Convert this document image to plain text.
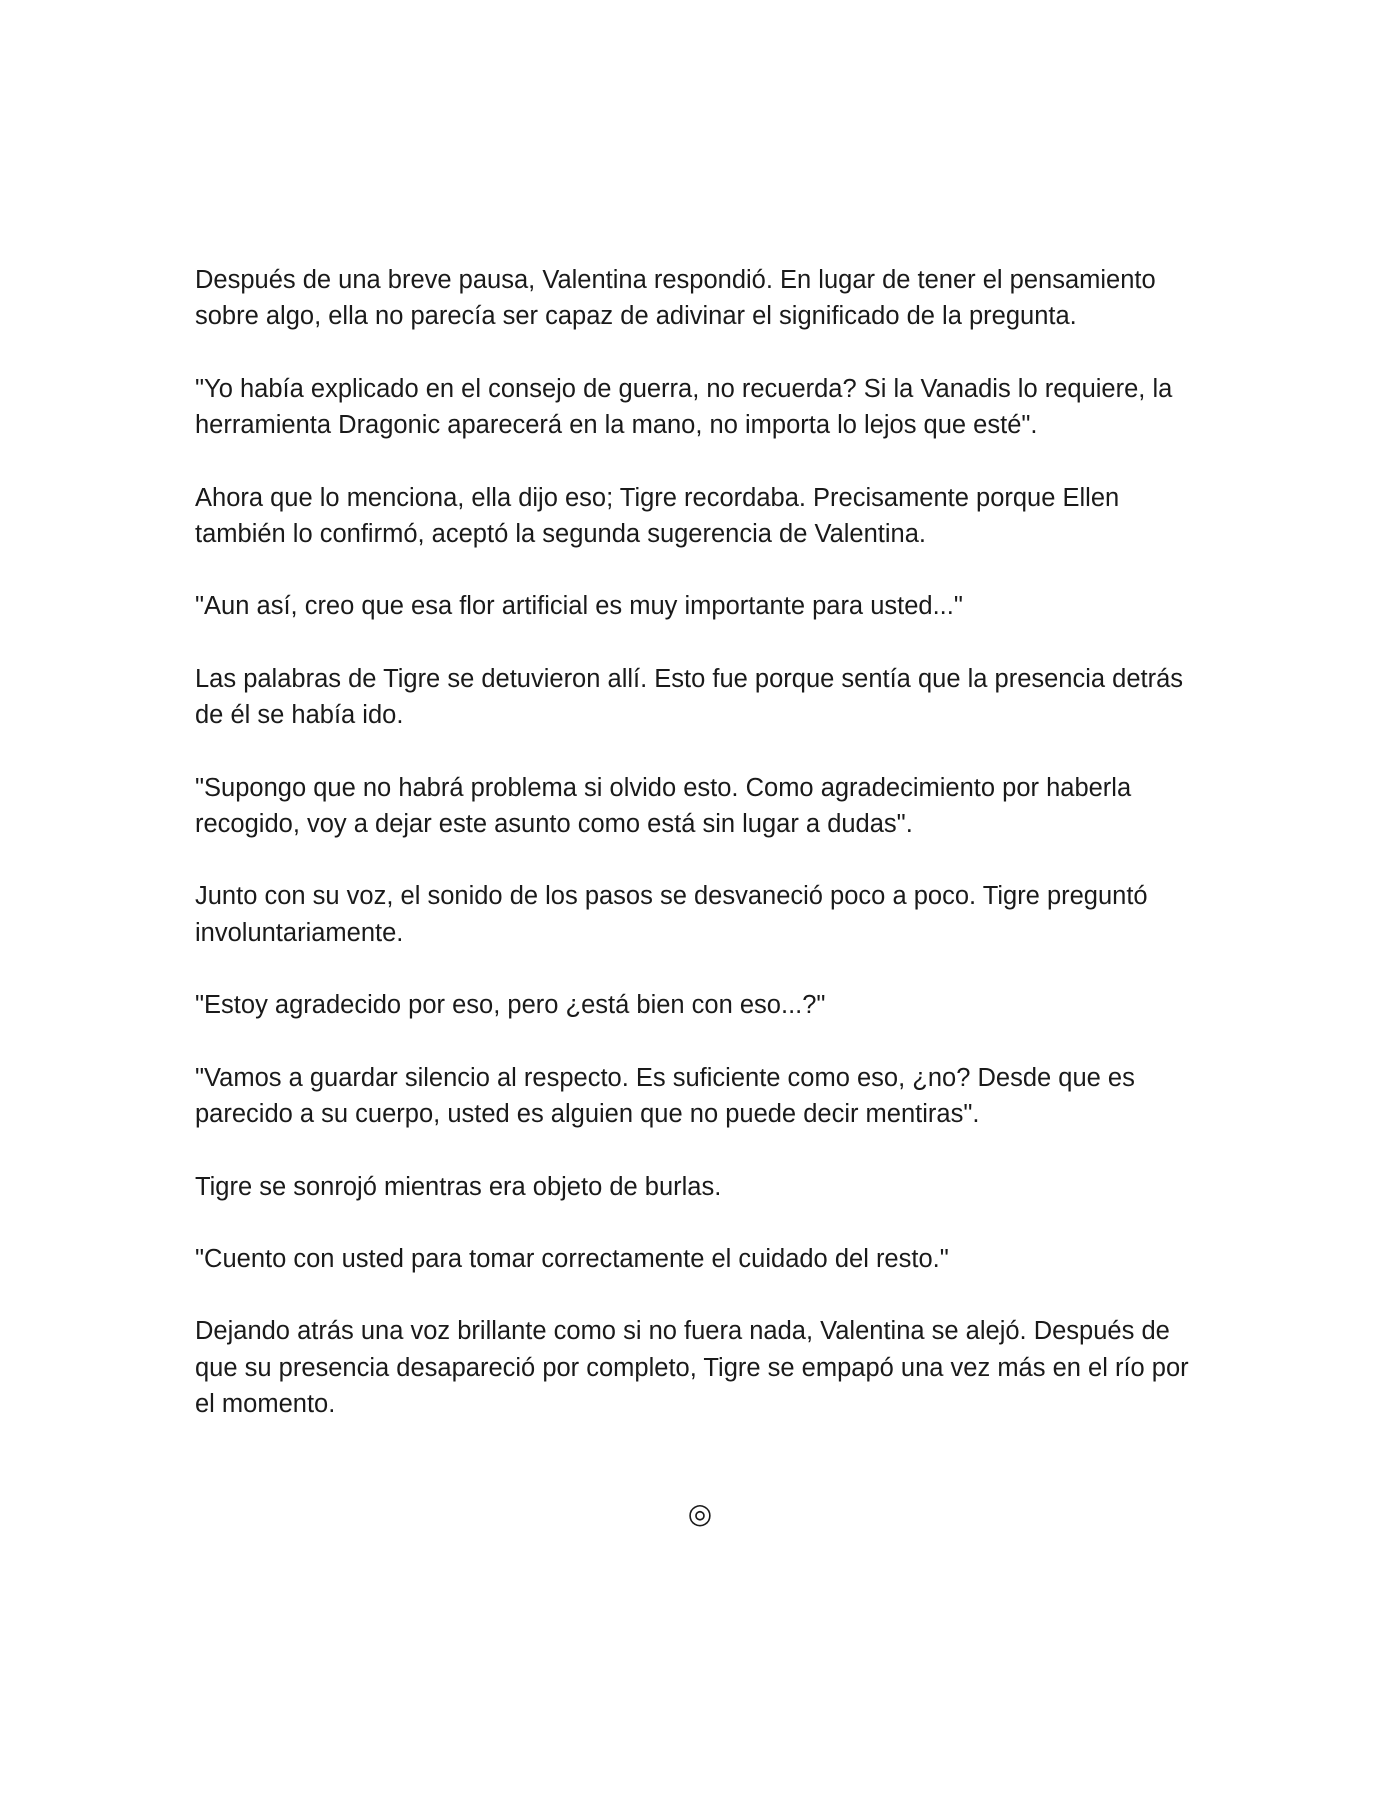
Después de una breve pausa, Valentina respondió. En lugar de tener el pensamiento sobre algo, ella no parecía ser capaz de adivinar el significado de la pregunta.

"Yo había explicado en el consejo de guerra, no recuerda? Si la Vanadis lo requiere, la herramienta Dragonic aparecerá en la mano, no importa lo lejos que esté".

Ahora que lo menciona, ella dijo eso; Tigre recordaba. Precisamente porque Ellen también lo confirmó, aceptó la segunda sugerencia de Valentina.

"Aun así, creo que esa flor artificial es muy importante para usted..."

Las palabras de Tigre se detuvieron allí. Esto fue porque sentía que la presencia detrás de él se había ido.

"Supongo que no habrá problema si olvido esto. Como agradecimiento por haberla recogido, voy a dejar este asunto como está sin lugar a dudas".

Junto con su voz, el sonido de los pasos se desvaneció poco a poco. Tigre preguntó involuntariamente.

"Estoy agradecido por eso, pero ¿está bien con eso...?"

"Vamos a guardar silencio al respecto. Es suficiente como eso, ¿no? Desde que es parecido a su cuerpo, usted es alguien que no puede decir mentiras".

Tigre se sonrojó mientras era objeto de burlas.

"Cuento con usted para tomar correctamente el cuidado del resto."

Dejando atrás una voz brillante como si no fuera nada, Valentina se alejó. Después de que su presencia desapareció por completo, Tigre se empapó una vez más en el río por el momento.

◎
